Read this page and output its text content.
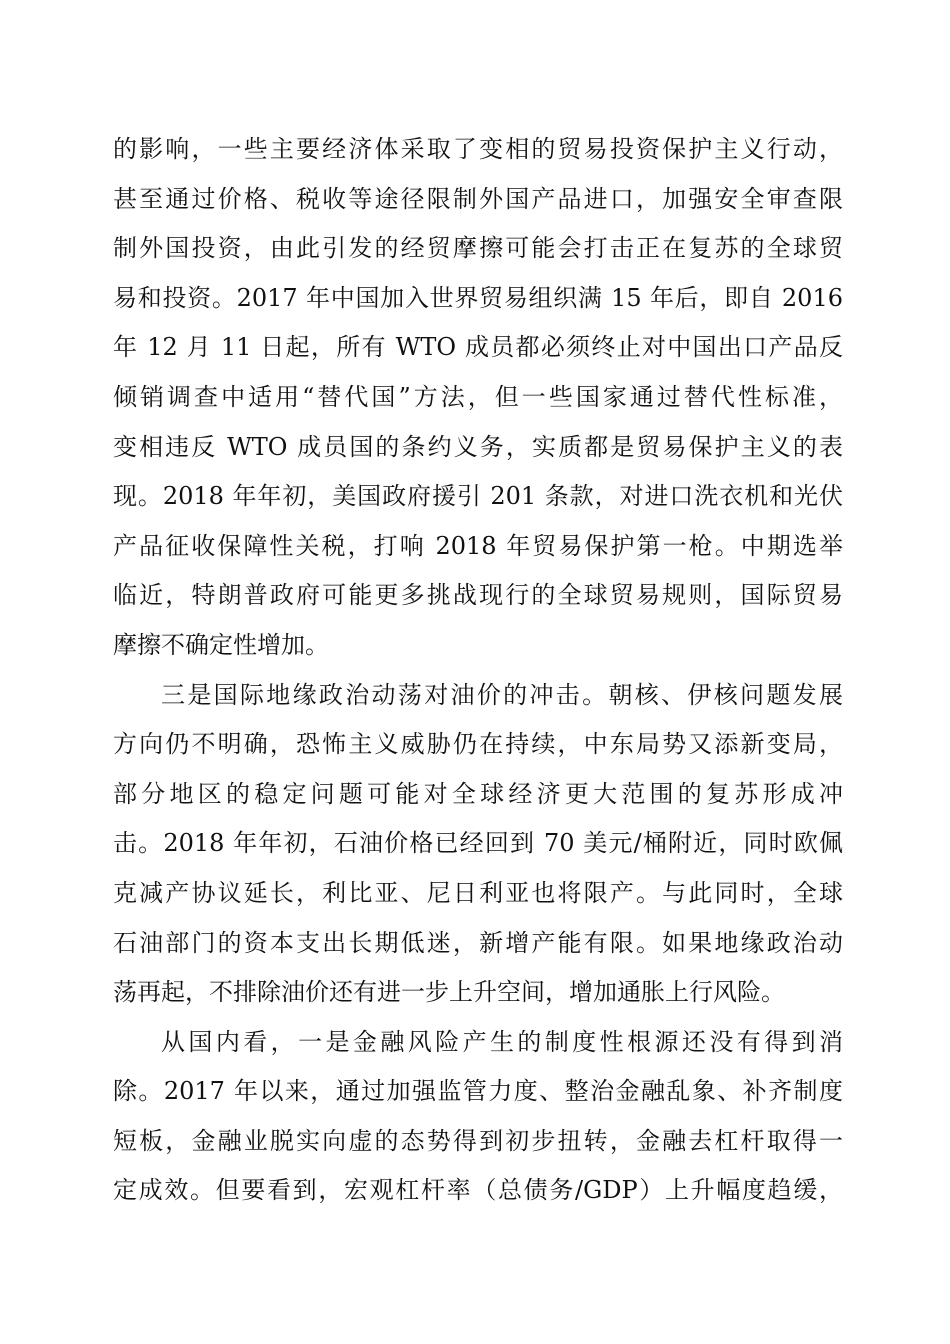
的影响，一些主要经济体采取了变相的贸易投资保护主义行动，
甚至通过价格、税收等途径限制外国产品进口，加强安全审查限
制外国投资，由此引发的经贸摩擦可能会打击正在复苏的全球贸
易和投资。2017 年中国加入世界贸易组织满 15 年后，即自 2016
年 12 月 11 日起，所有 WTO 成员都必须终止对中国出口产品反
倾销调查中适用“替代国”方法，但一些国家通过替代性标准，
变相违反 WTO 成员国的条约义务，实质都是贸易保护主义的表
现。2018 年年初，美国政府援引 201 条款，对进口洗衣机和光伏
产品征收保障性关税，打响 2018 年贸易保护第一枪。中期选举
临近，特朗普政府可能更多挑战现行的全球贸易规则，国际贸易
摩擦不确定性增加。
三是国际地缘政治动荡对油价的冲击。朝核、伊核问题发展
方向仍不明确，恐怖主义威胁仍在持续，中东局势又添新变局，
部分地区的稳定问题可能对全球经济更大范围的复苏形成冲
击。2018 年年初，石油价格已经回到 70 美元/桶附近，同时欧佩
克减产协议延长，利比亚、尼日利亚也将限产。与此同时，全球
石油部门的资本支出长期低迷，新增产能有限。如果地缘政治动
荡再起，不排除油价还有进一步上升空间，增加通胀上行风险。
从国内看，一是金融风险产生的制度性根源还没有得到消
除。2017 年以来，通过加强监管力度、整治金融乱象、补齐制度
短板，金融业脱实向虚的态势得到初步扭转，金融去杠杆取得一
定成效。但要看到，宏观杠杆率（总债务/GDP）上升幅度趋缓，
